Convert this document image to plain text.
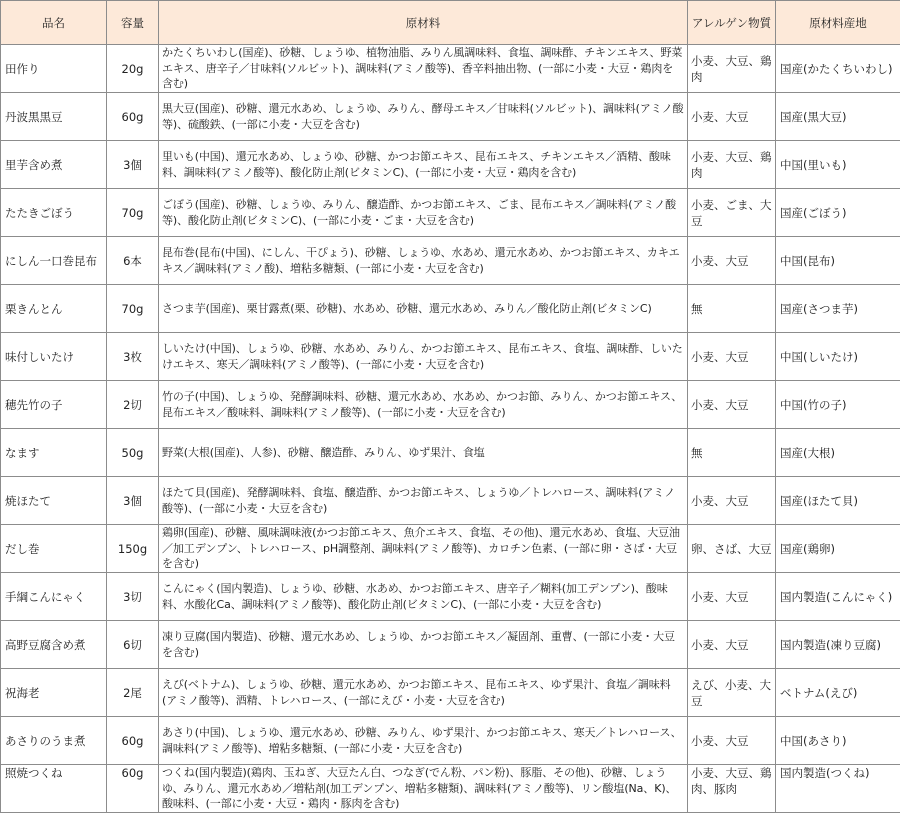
品名	容量	原材料	アレルゲン物質	原材料産地
田作り	20g	かたくちいわし(国産)、砂糖、しょうゆ、植物油脂、みりん風調味料、食塩、調味酢、チキンエキス、野菜エキス、唐辛子／甘味料(ソルビット)、調味料(アミノ酸等)、香辛料抽出物、(一部に小麦・大豆・鶏肉を含む)	小麦、大豆、鶏肉	国産(かたくちいわし)
丹波黒黒豆	60g	黒大豆(国産)、砂糖、還元水あめ、しょうゆ、みりん、酵母エキス／甘味料(ソルビット)、調味料(アミノ酸等)、硫酸鉄、(一部に小麦・大豆を含む)	小麦、大豆	国産(黒大豆)
里芋含め煮	3個	里いも(中国)、還元水あめ、しょうゆ、砂糖、かつお節エキス、昆布エキス、チキンエキス／酒精、酸味料、調味料(アミノ酸等)、酸化防止剤(ビタミンC)、(一部に小麦・大豆・鶏肉を含む)	小麦、大豆、鶏肉	中国(里いも)
たたきごぼう	70g	ごぼう(国産)、砂糖、しょうゆ、みりん、醸造酢、かつお節エキス、ごま、昆布エキス／調味料(アミノ酸等)、酸化防止剤(ビタミンC)、(一部に小麦・ごま・大豆を含む)	小麦、ごま、大豆	国産(ごぼう)
にしん一口巻昆布	6本	昆布巻(昆布(中国)、にしん、干ぴょう)、砂糖、しょうゆ、水あめ、還元水あめ、かつお節エキス、カキエキス／調味料(アミノ酸)、増粘多糖類、(一部に小麦・大豆を含む)	小麦、大豆	中国(昆布)
栗きんとん	70g	さつま芋(国産)、栗甘露煮(栗、砂糖)、水あめ、砂糖、還元水あめ、みりん／酸化防止剤(ビタミンC)	無	国産(さつま芋)
味付しいたけ	3枚	しいたけ(中国)、しょうゆ、砂糖、水あめ、みりん、かつお節エキス、昆布エキス、食塩、調味酢、しいたけエキス、寒天／調味料(アミノ酸等)、(一部に小麦・大豆を含む)	小麦、大豆	中国(しいたけ)
穂先竹の子	2切	竹の子(中国)、しょうゆ、発酵調味料、砂糖、還元水あめ、水あめ、かつお節、みりん、かつお節エキス、昆布エキス／酸味料、調味料(アミノ酸等)、(一部に小麦・大豆を含む)	小麦、大豆	中国(竹の子)
なます	50g	野菜(大根(国産)、人参)、砂糖、醸造酢、みりん、ゆず果汁、食塩	無	国産(大根)
焼ほたて	3個	ほたて貝(国産)、発酵調味料、食塩、醸造酢、かつお節エキス、しょうゆ／トレハロース、調味料(アミノ酸等)、(一部に小麦・大豆を含む)	小麦、大豆	国産(ほたて貝)
だし巻	150g	鶏卵(国産)、砂糖、風味調味液(かつお節エキス、魚介エキス、食塩、その他)、還元水あめ、食塩、大豆油／加工デンプン、トレハロース、pH調整剤、調味料(アミノ酸等)、カロチン色素、(一部に卵・さば・大豆を含む)	卵、さば、大豆	国産(鶏卵)
手綱こんにゃく	3切	こんにゃく(国内製造)、しょうゆ、砂糖、水あめ、かつお節エキス、唐辛子／糊料(加工デンプン)、酸味料、水酸化Ca、調味料(アミノ酸等)、酸化防止剤(ビタミンC)、(一部に小麦・大豆を含む)	小麦、大豆	国内製造(こんにゃく)
高野豆腐含め煮	6切	凍り豆腐(国内製造)、砂糖、還元水あめ、しょうゆ、かつお節エキス／凝固剤、重曹、(一部に小麦・大豆を含む)	小麦、大豆	国内製造(凍り豆腐)
祝海老	2尾	えび(ベトナム)、しょうゆ、砂糖、還元水あめ、かつお節エキス、昆布エキス、ゆず果汁、食塩／調味料(アミノ酸等)、酒精、トレハロース、(一部にえび・小麦・大豆を含む)	えび、小麦、大豆	ベトナム(えび)
あさりのうま煮	60g	あさり(中国)、しょうゆ、還元水あめ、砂糖、みりん、ゆず果汁、かつお節エキス、寒天／トレハロース、調味料(アミノ酸等)、増粘多糖類、(一部に小麦・大豆を含む)	小麦、大豆	中国(あさり)
照焼つくね	60g	つくね(国内製造)(鶏肉、玉ねぎ、大豆たん白、つなぎ(でん粉、パン粉)、豚脂、その他)、砂糖、しょうゆ、みりん、還元水あめ／増粘剤(加工デンプン、増粘多糖類)、調味料(アミノ酸等)、リン酸塩(Na、K)、酸味料、(一部に小麦・大豆・鶏肉・豚肉を含む)	小麦、大豆、鶏肉、豚肉	国内製造(つくね)
